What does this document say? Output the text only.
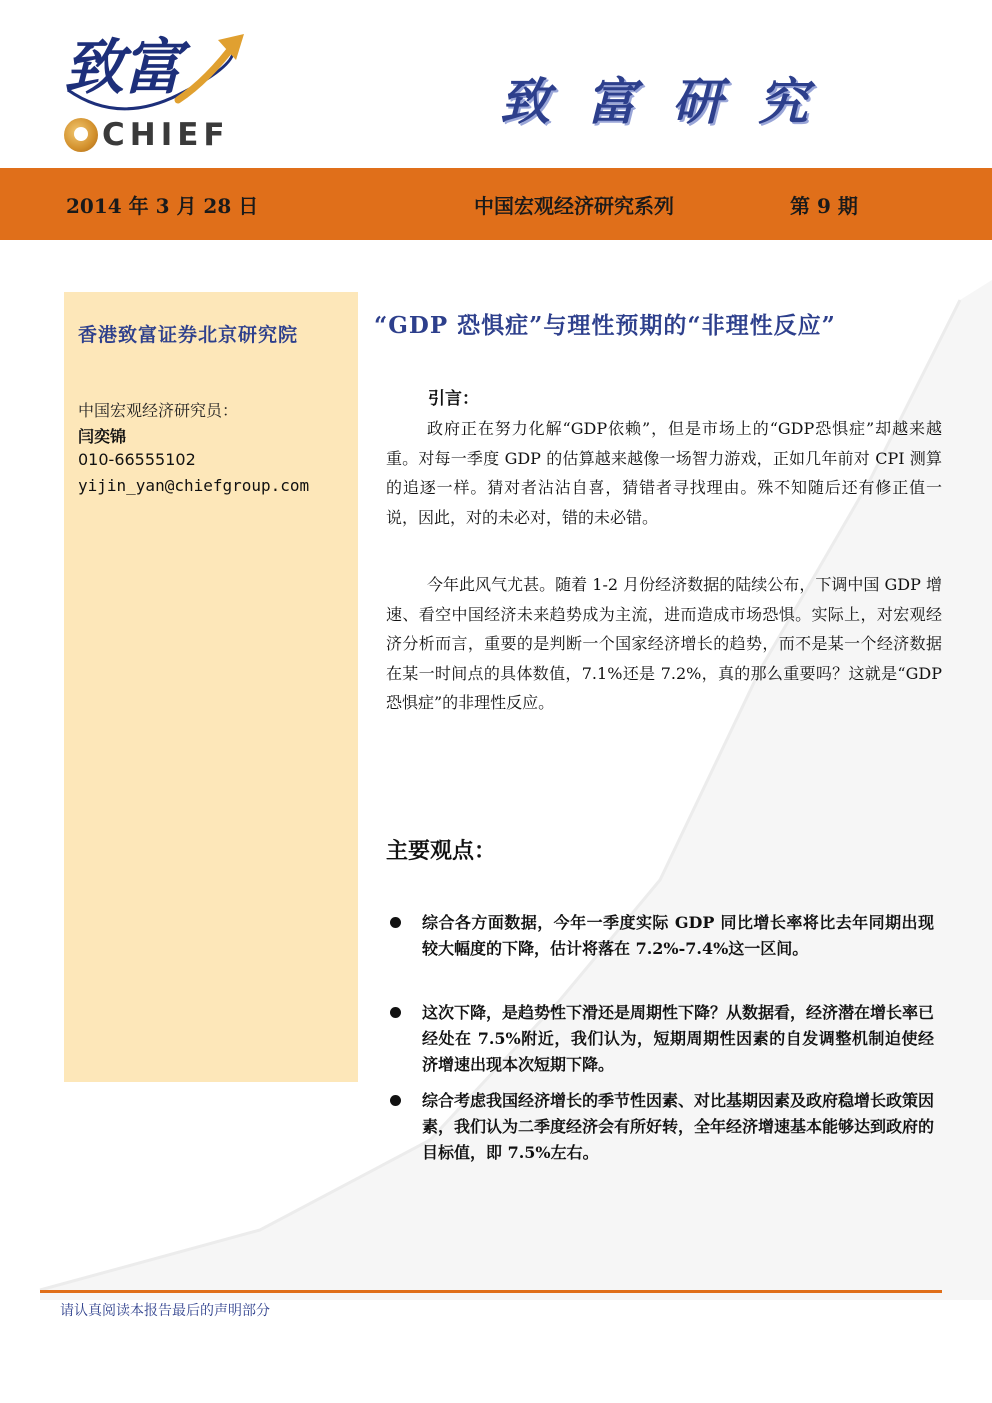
致富
CHIEF
致富研究
2014 年 3 月 28 日	中国宏观经济研究系列	第 9 期
香港致富证券北京研究院
中国宏观经济研究员：
闫奕锦
010-66555102
yijin_yan@chiefgroup.com
“GDP 恐惧症”与理性预期的“非理性反应”
引言：
政府正在努力化解“GDP依赖”，但是市场上的“GDP恐惧症”却越来越重。对每一季度 GDP 的估算越来越像一场智力游戏，正如几年前对 CPI 测算的追逐一样。猜对者沾沾自喜，猜错者寻找理由。殊不知随后还有修正值一说，因此，对的未必对，错的未必错。
今年此风气尤甚。随着 1-2 月份经济数据的陆续公布，下调中国 GDP 增速、看空中国经济未来趋势成为主流，进而造成市场恐惧。实际上，对宏观经济分析而言，重要的是判断一个国家经济增长的趋势，而不是某一个经济数据在某一时间点的具体数值，7.1%还是 7.2%，真的那么重要吗？这就是“GDP 恐惧症”的非理性反应。
主要观点：
综合各方面数据，今年一季度实际 GDP 同比增长率将比去年同期出现较大幅度的下降，估计将落在 7.2%-7.4%这一区间。
这次下降，是趋势性下滑还是周期性下降？从数据看，经济潜在增长率已经处在 7.5%附近，我们认为，短期周期性因素的自发调整机制迫使经济增速出现本次短期下降。
综合考虑我国经济增长的季节性因素、对比基期因素及政府稳增长政策因素，我们认为二季度经济会有所好转，全年经济增速基本能够达到政府的目标值，即 7.5%左右。
请认真阅读本报告最后的声明部分
